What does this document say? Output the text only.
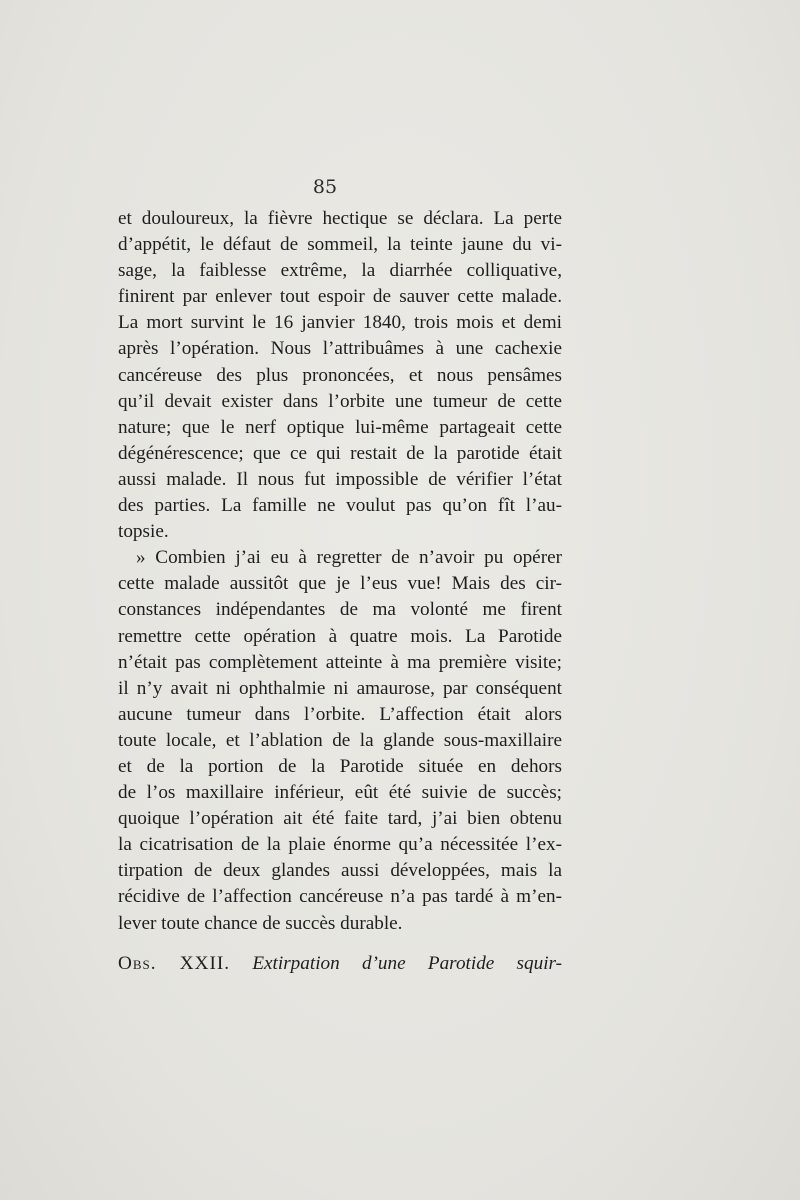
85
et douloureux, la fièvre hectique se déclara. La perte
d’appétit, le défaut de sommeil, la teinte jaune du vi-
sage, la faiblesse extrême, la diarrhée colliquative,
finirent par enlever tout espoir de sauver cette malade.
La mort survint le 16 janvier 1840, trois mois et demi
après l’opération. Nous l’attribuâmes à une cachexie
cancéreuse des plus prononcées, et nous pensâmes
qu’il devait exister dans l’orbite une tumeur de cette
nature; que le nerf optique lui-même partageait cette
dégénérescence; que ce qui restait de la parotide était
aussi malade. Il nous fut impossible de vérifier l’état
des parties. La famille ne voulut pas qu’on fît l’au-
topsie.
» Combien j’ai eu à regretter de n’avoir pu opérer
cette malade aussitôt que je l’eus vue! Mais des cir-
constances indépendantes de ma volonté me firent
remettre cette opération à quatre mois. La Parotide
n’était pas complètement atteinte à ma première visite;
il n’y avait ni ophthalmie ni amaurose, par conséquent
aucune tumeur dans l’orbite. L’affection était alors
toute locale, et l’ablation de la glande sous-maxillaire
et de la portion de la Parotide située en dehors
de l’os maxillaire inférieur, eût été suivie de succès;
quoique l’opération ait été faite tard, j’ai bien obtenu
la cicatrisation de la plaie énorme qu’a nécessitée l’ex-
tirpation de deux glandes aussi développées, mais la
récidive de l’affection cancéreuse n’a pas tardé à m’en-
lever toute chance de succès durable.
Obs. XXII. Extirpation d’une Parotide squir-
